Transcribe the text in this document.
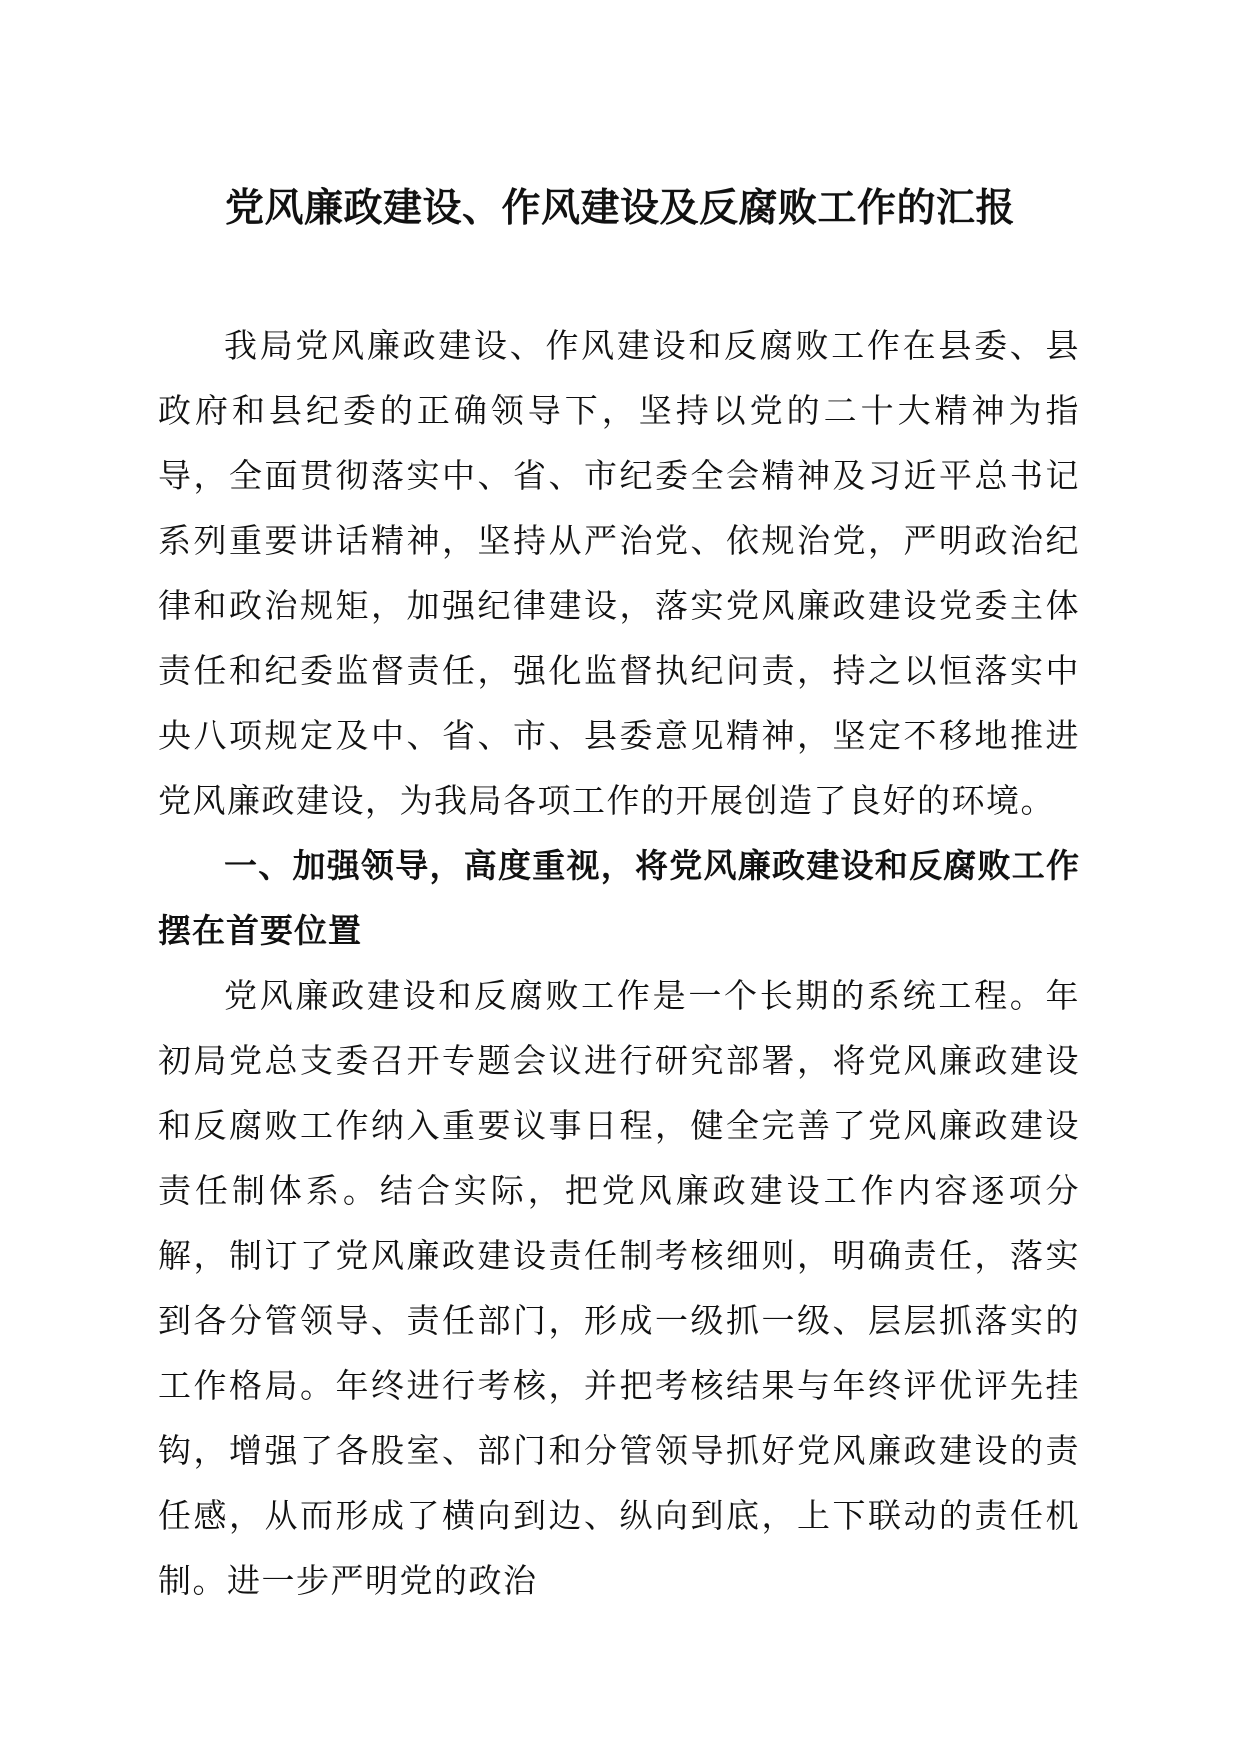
党风廉政建设、作风建设及反腐败工作的汇报

我局党风廉政建设、作风建设和反腐败工作在县委、县政府和县纪委的正确领导下，坚持以党的二十大精神为指导，全面贯彻落实中、省、市纪委全会精神及习近平总书记系列重要讲话精神，坚持从严治党、依规治党，严明政治纪律和政治规矩，加强纪律建设，落实党风廉政建设党委主体责任和纪委监督责任，强化监督执纪问责，持之以恒落实中央八项规定及中、省、市、县委意见精神，坚定不移地推进党风廉政建设，为我局各项工作的开展创造了良好的环境。

一、加强领导，高度重视，将党风廉政建设和反腐败工作摆在首要位置

党风廉政建设和反腐败工作是一个长期的系统工程。年初局党总支委召开专题会议进行研究部署，将党风廉政建设和反腐败工作纳入重要议事日程，健全完善了党风廉政建设责任制体系。结合实际，把党风廉政建设工作内容逐项分解，制订了党风廉政建设责任制考核细则，明确责任，落实到各分管领导、责任部门，形成一级抓一级、层层抓落实的工作格局。年终进行考核，并把考核结果与年终评优评先挂钩，增强了各股室、部门和分管领导抓好党风廉政建设的责任感，从而形成了横向到边、纵向到底，上下联动的责任机制。进一步严明党的政治
